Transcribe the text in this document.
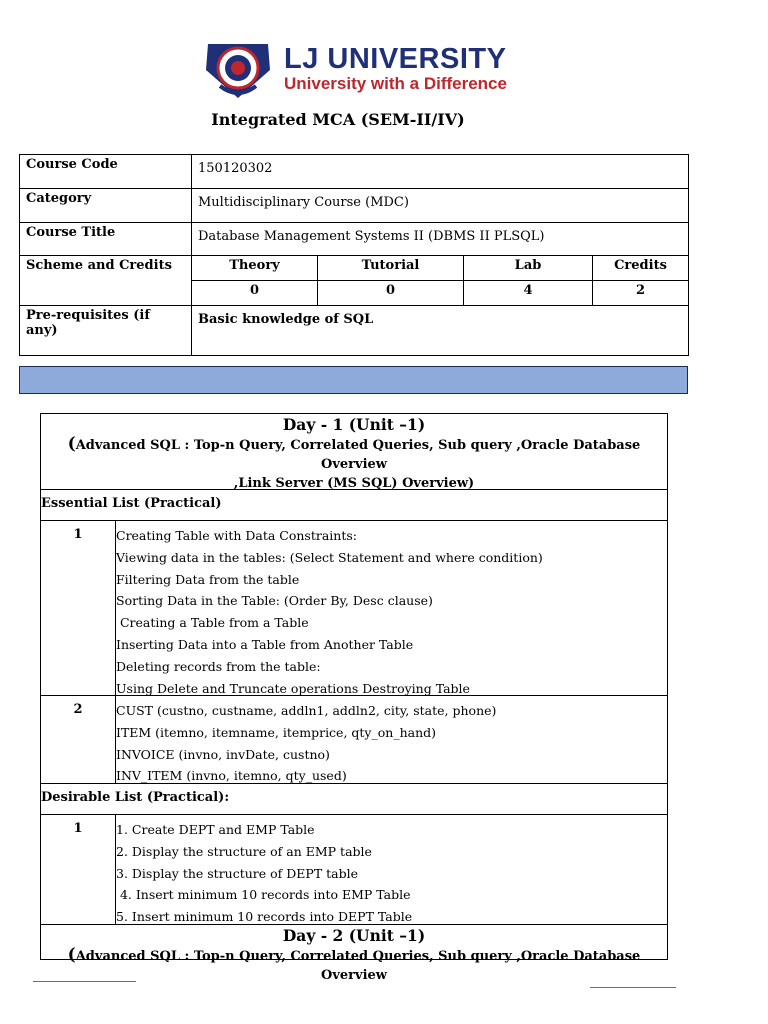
LJ UNIVERSITY
University with a Difference
Integrated MCA (SEM-II/IV)
Course Code	150120302
Category	Multidisciplinary Course (MDC)
Course Title	Database Management Systems II (DBMS II PLSQL)
Scheme and Credits		Theory	Tutorial	Lab	Credits
0	0	4	2

Pre-requisites (if any)	Basic knowledge of SQL
Day - 1 (Unit –1)
(Advanced SQL : Top-n Query, Correlated Queries, Sub query ,Oracle Database Overview
,Link Server (MS SQL) Overview)
Essential List (Practical)
1	Creating Table with Data Constraints:
Viewing data in the tables: (Select Statement and where condition)
Filtering Data from the table
Sorting Data in the Table: (Order By, Desc clause)
Creating a Table from a Table
Inserting Data into a Table from Another Table
Deleting records from the table:
Using Delete and Truncate operations Destroying Table
2	CUST (custno, custname, addln1, addln2, city, state, phone)
ITEM (itemno, itemname, itemprice, qty_on_hand)
INVOICE (invno, invDate, custno)
INV_ITEM (invno, itemno, qty_used)
Desirable List (Practical):
1	1. Create DEPT and EMP Table
2. Display the structure of an EMP table
3. Display the structure of DEPT table
4. Insert minimum 10 records into EMP Table
5. Insert minimum 10 records into DEPT Table
Day - 2 (Unit –1)
(Advanced SQL : Top-n Query, Correlated Queries, Sub query ,Oracle Database Overview
